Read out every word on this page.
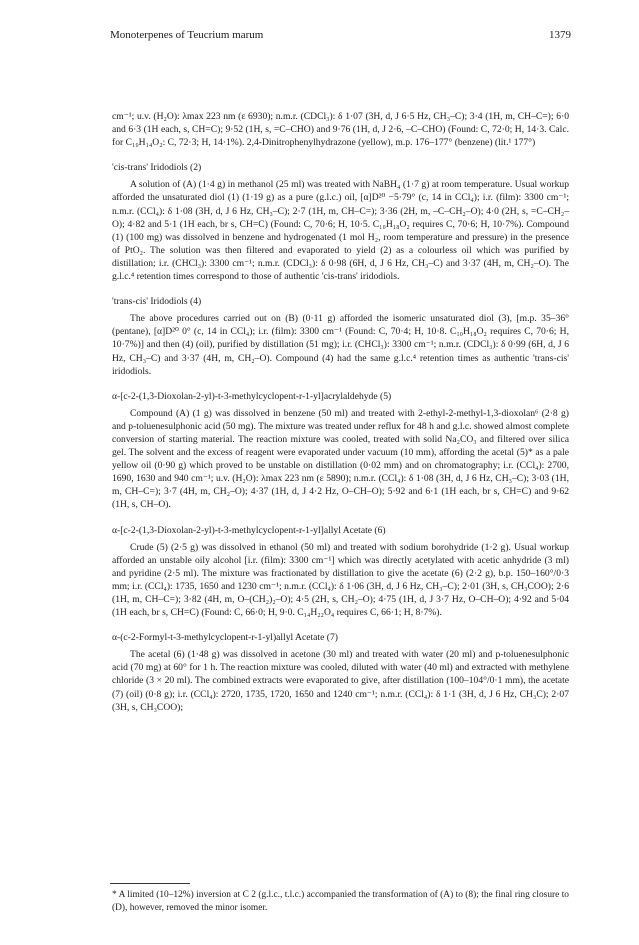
Monoterpenes of Teucrium marum	1379

cm⁻¹; u.v. (H₂O): λmax 223 nm (ε 6930); n.m.r. (CDCl₃): δ 1·07 (3H, d, J 6·5 Hz, CH₃–C); 3·4 (1H, m, CH–C=); 6·0 and 6·3 (1H each, s, CH=C); 9·52 (1H, s, =C–CHO) and 9·76 (1H, d, J 2·6, –C–CHO) (Found: C, 72·0; H, 14·3. Calc. for C₁₀H₁₄O₂: C, 72·3; H, 14·1%). 2,4-Dinitrophenylhydrazone (yellow), m.p. 176–177° (benzene) (lit.¹ 177°)

'cis-trans' Iridodiols (2)

A solution of (A) (1·4 g) in methanol (25 ml) was treated with NaBH₄ (1·7 g) at room temperature. Usual workup afforded the unsaturated diol (1) (1·19 g) as a pure (g.l.c.) oil, [α]D²⁰ −5·79° (c, 14 in CCl₄); i.r. (film): 3300 cm⁻¹; n.m.r. (CCl₄): δ 1·08 (3H, d, J 6 Hz, CH₃–C); 2·7 (1H, m, CH–C=); 3·36 (2H, m, –C–CH₂–O); 4·0 (2H, s, =C–CH₂–O); 4·82 and 5·1 (1H each, br s, CH=C) (Found: C, 70·6; H, 10·5. C₁₀H₁₈O₂ requires C, 70·6; H, 10·7%). Compound (1) (100 mg) was dissolved in benzene and hydrogenated (1 mol H₂, room temperature and pressure) in the presence of PtO₂. The solution was then filtered and evaporated to yield (2) as a colourless oil which was purified by distillation; i.r. (CHCl₃): 3300 cm⁻¹; n.m.r. (CDCl₃): δ 0·98 (6H, d, J 6 Hz, CH₃–C) and 3·37 (4H, m, CH₂–O). The g.l.c.⁴ retention times correspond to those of authentic 'cis-trans' iridodiols.

'trans-cis' Iridodiols (4)

The above procedures carried out on (B) (0·11 g) afforded the isomeric unsaturated diol (3), [m.p. 35–36° (pentane), [α]D²⁰ 0° (c, 14 in CCl₄); i.r. (film): 3300 cm⁻¹ (Found: C, 70·4; H, 10·8. C₁₀H₁₈O₂ requires C, 70·6; H, 10·7%)] and then (4) (oil), purified by distillation (51 mg); i.r. (CHCl₃): 3300 cm⁻¹; n.m.r. (CDCl₃): δ 0·99 (6H, d, J 6 Hz, CH₃–C) and 3·37 (4H, m, CH₂–O). Compound (4) had the same g.l.c.⁴ retention times as authentic 'trans-cis' iridodiols.

α-[c-2-(1,3-Dioxolan-2-yl)-t-3-methylcyclopent-r-1-yl]acrylaldehyde (5)

Compound (A) (1 g) was dissolved in benzene (50 ml) and treated with 2-ethyl-2-methyl-1,3-dioxolan⁶ (2·8 g) and p-toluenesulphonic acid (50 mg). The mixture was treated under reflux for 48 h and g.l.c. showed almost complete conversion of starting material. The reaction mixture was cooled, treated with solid Na₂CO₃ and filtered over silica gel. The solvent and the excess of reagent were evaporated under vacuum (10 mm), affording the acetal (5)* as a pale yellow oil (0·90 g) which proved to be unstable on distillation (0·02 mm) and on chromatography; i.r. (CCl₄): 2700, 1690, 1630 and 940 cm⁻¹; u.v. (H₂O): λmax 223 nm (ε 5890); n.m.r. (CCl₄): δ 1·08 (3H, d, J 6 Hz, CH₃–C); 3·03 (1H, m, CH–C=); 3·7 (4H, m, CH₂–O); 4·37 (1H, d, J 4·2 Hz, O–CH–O); 5·92 and 6·1 (1H each, br s, CH=C) and 9·62 (1H, s, CH–O).

α-[c-2-(1,3-Dioxolan-2-yl)-t-3-methylcyclopent-r-1-yl]allyl Acetate (6)

Crude (5) (2·5 g) was dissolved in ethanol (50 ml) and treated with sodium borohydride (1·2 g). Usual workup afforded an unstable oily alcohol [i.r. (film): 3300 cm⁻¹] which was directly acetylated with acetic anhydride (3 ml) and pyridine (2·5 ml). The mixture was fractionated by distillation to give the acetate (6) (2·2 g), b.p. 150–160°/0·3 mm; i.r. (CCl₄): 1735, 1650 and 1230 cm⁻¹; n.m.r. (CCl₄): δ 1·06 (3H, d, J 6 Hz, CH₃–C); 2·01 (3H, s, CH₃COO); 2·6 (1H, m, CH–C=); 3·82 (4H, m, O–(CH₂)₂–O); 4·5 (2H, s, CH₂–O); 4·75 (1H, d, J 3·7 Hz, O–CH–O); 4·92 and 5·04 (1H each, br s, CH=C) (Found: C, 66·0; H, 9·0. C₁₄H₂₂O₄ requires C, 66·1; H, 8·7%).

α-(c-2-Formyl-t-3-methylcyclopent-r-1-yl)allyl Acetate (7)

The acetal (6) (1·48 g) was dissolved in acetone (30 ml) and treated with water (20 ml) and p-toluenesulphonic acid (70 mg) at 60° for 1 h. The reaction mixture was cooled, diluted with water (40 ml) and extracted with methylene chloride (3 × 20 ml). The combined extracts were evaporated to give, after distillation (100–104°/0·1 mm), the acetate (7) (oil) (0·8 g); i.r. (CCl₄): 2720, 1735, 1720, 1650 and 1240 cm⁻¹; n.m.r. (CCl₄): δ 1·1 (3H, d, J 6 Hz, CH₃C); 2·07 (3H, s, CH₃COO);

* A limited (10–12%) inversion at C 2 (g.l.c., t.l.c.) accompanied the transformation of (A) to (8); the final ring closure to (D), however, removed the minor isomer.
